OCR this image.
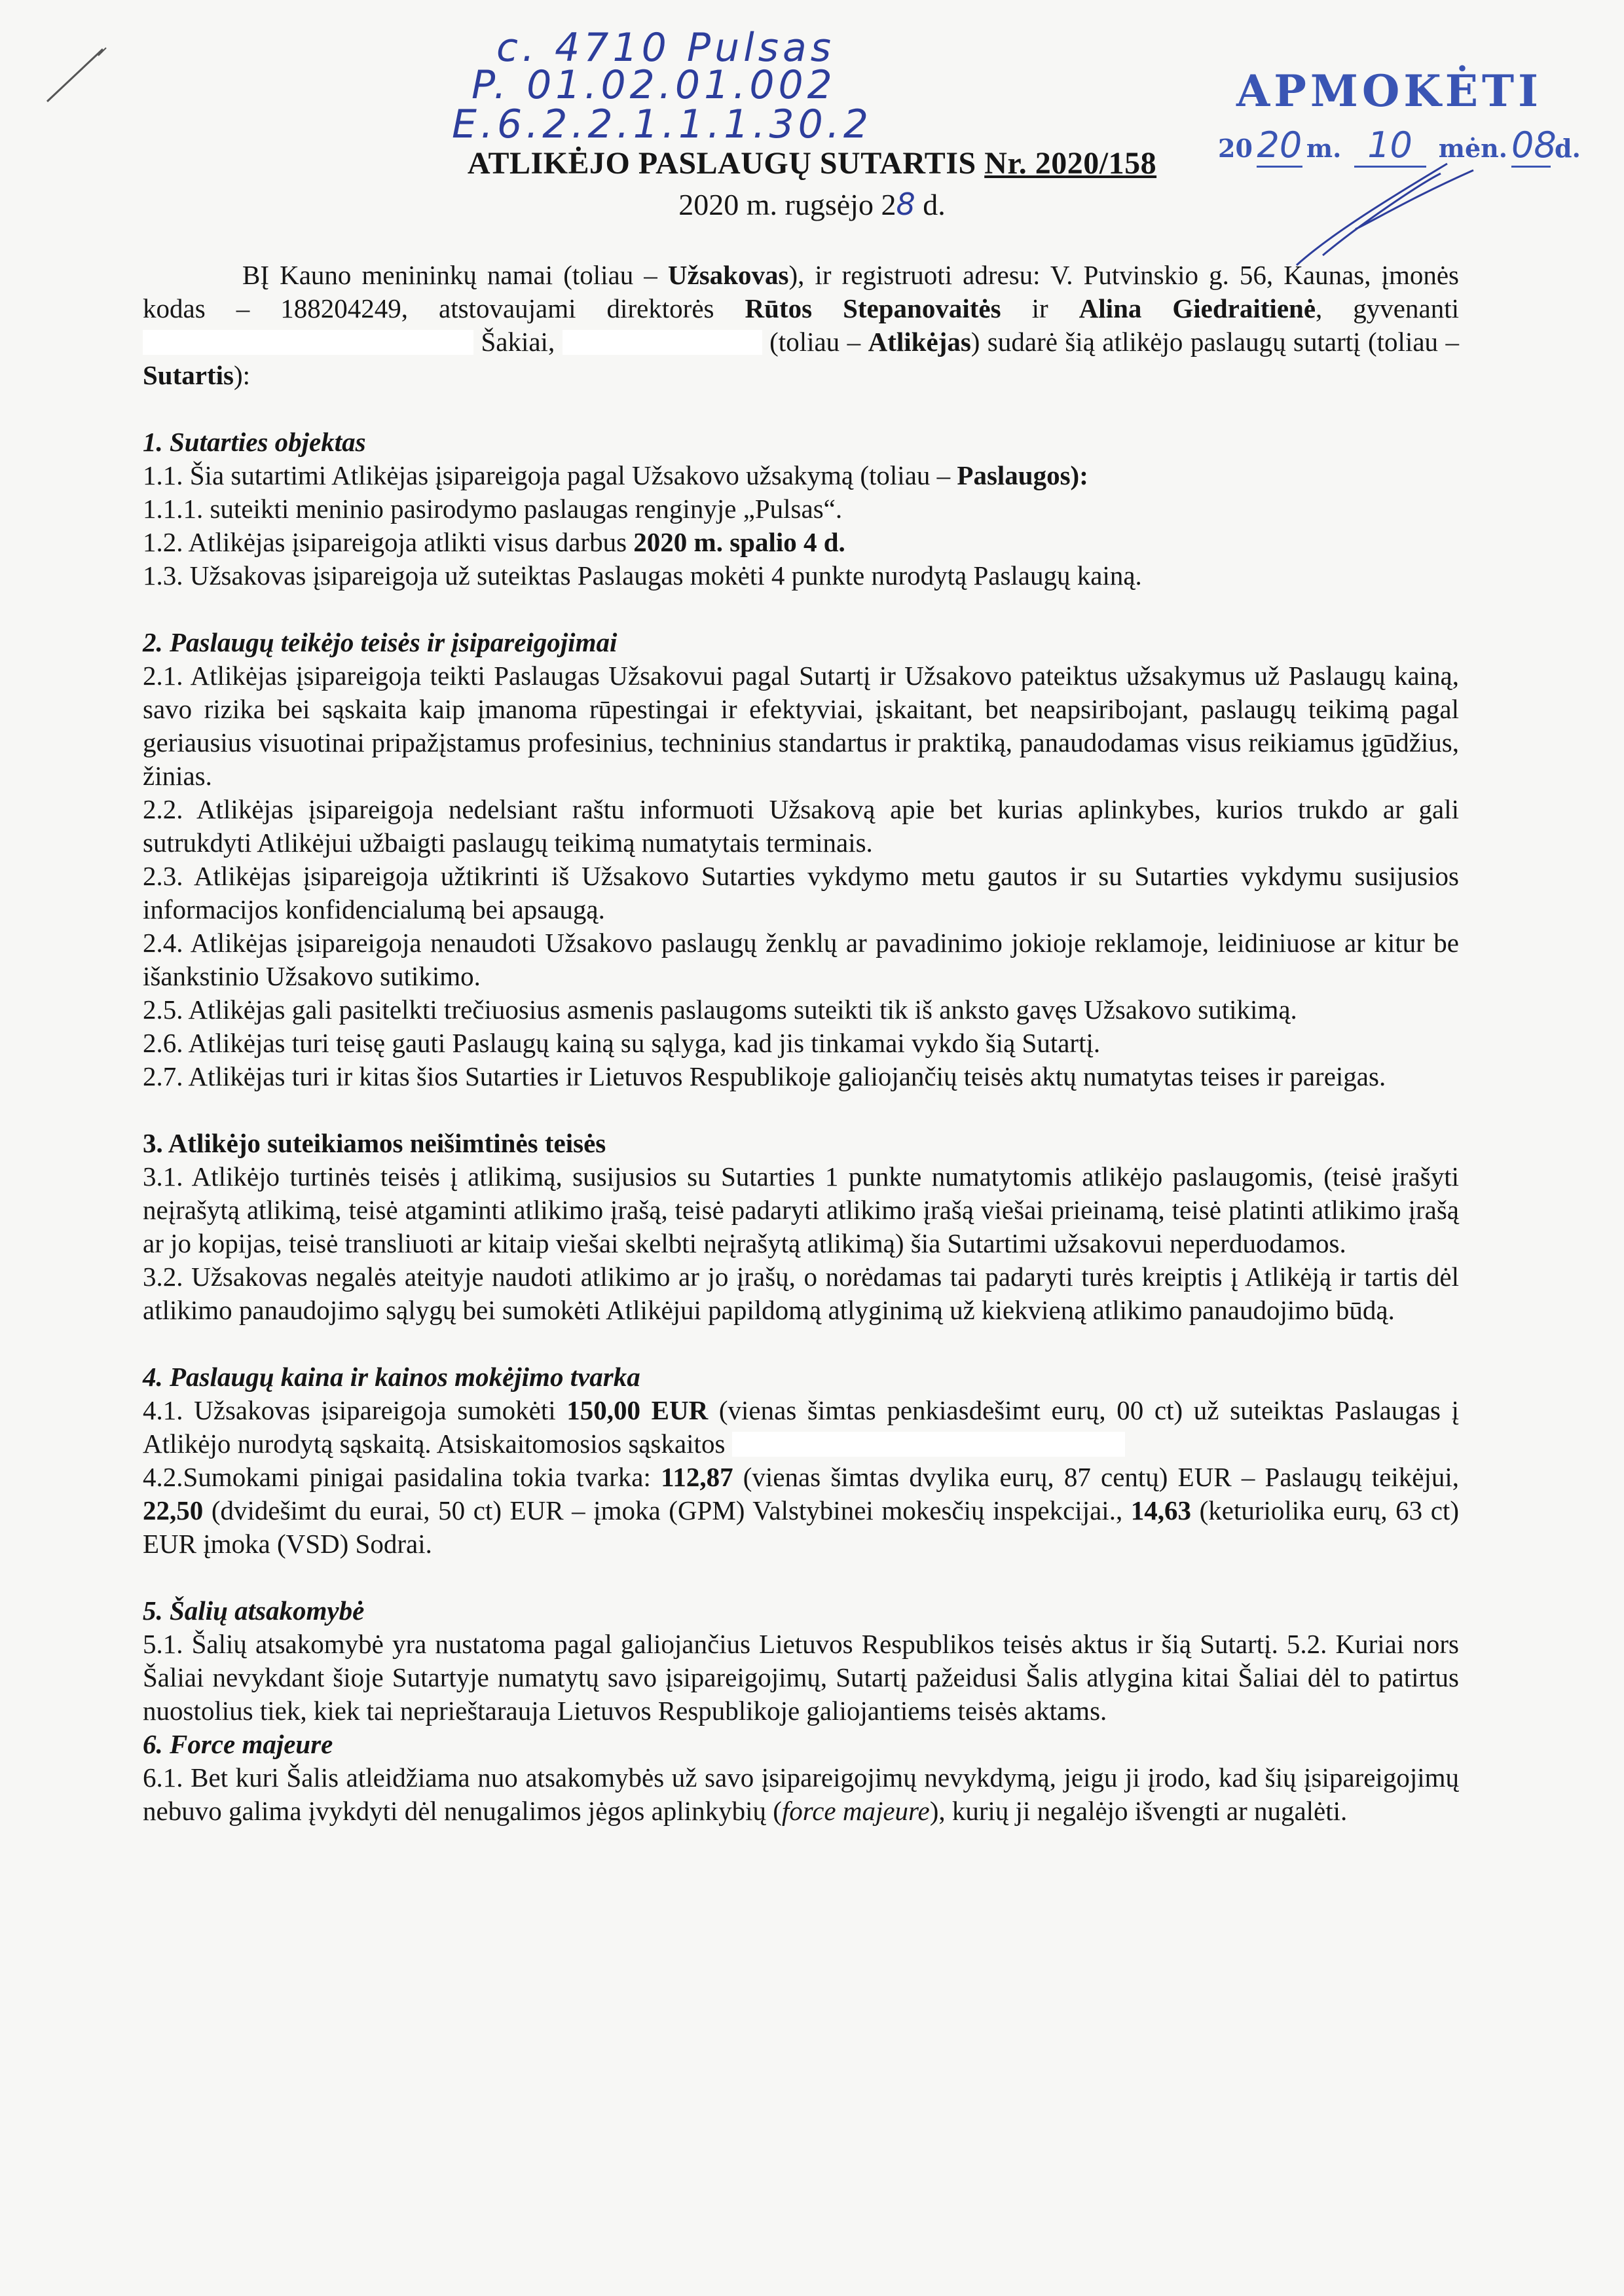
c. 4710 Pulsas
P. 01.02.01.002
E.6.2.2.1.1.1.30.2
APMOKĖTI
20 20 m. 10 mėn. 08d.
ATLIKĖJO PASLAUGŲ SUTARTIS Nr. 2020/158
2020 m. rugsėjo 28 d.

BĮ Kauno menininkų namai (toliau – Užsakovas), ir registruoti adresu: V. Putvinskio g. 56, Kaunas, įmonės kodas – 188204249, atstovaujami direktorės Rūtos Stepanovaitės ir Alina Giedraitienė, gyvenanti  Šakiai,	(toliau – Atlikėjas) sudarė šią atlikėjo paslaugų sutartį (toliau – Sutartis):

1. Sutarties objektas

1.1. Šia sutartimi Atlikėjas įsipareigoja pagal Užsakovo užsakymą (toliau – Paslaugos):

1.1.1. suteikti meninio pasirodymo paslaugas renginyje „Pulsas“.

1.2. Atlikėjas įsipareigoja atlikti visus darbus 2020 m. spalio 4 d.

1.3. Užsakovas įsipareigoja už suteiktas Paslaugas mokėti 4 punkte nurodytą Paslaugų kainą.

2. Paslaugų teikėjo teisės ir įsipareigojimai

2.1. Atlikėjas įsipareigoja teikti Paslaugas Užsakovui pagal Sutartį ir Užsakovo pateiktus užsakymus už Paslaugų kainą, savo rizika bei sąskaita kaip įmanoma rūpestingai ir efektyviai, įskaitant, bet neapsiribojant, paslaugų teikimą pagal geriausius visuotinai pripažįstamus profesinius, techninius standartus ir praktiką, panaudodamas visus reikiamus įgūdžius, žinias.

2.2. Atlikėjas įsipareigoja nedelsiant raštu informuoti Užsakovą apie bet kurias aplinkybes, kurios trukdo ar gali sutrukdyti Atlikėjui užbaigti paslaugų teikimą numatytais terminais.

2.3. Atlikėjas įsipareigoja užtikrinti iš Užsakovo Sutarties vykdymo metu gautos ir su Sutarties vykdymu susijusios informacijos konfidencialumą bei apsaugą.

2.4. Atlikėjas įsipareigoja nenaudoti Užsakovo paslaugų ženklų ar pavadinimo jokioje reklamoje, leidiniuose ar kitur be išankstinio Užsakovo sutikimo.

2.5. Atlikėjas gali pasitelkti trečiuosius asmenis paslaugoms suteikti tik iš anksto gavęs Užsakovo sutikimą.

2.6. Atlikėjas turi teisę gauti Paslaugų kainą su sąlyga, kad jis tinkamai vykdo šią Sutartį.

2.7. Atlikėjas turi ir kitas šios Sutarties ir Lietuvos Respublikoje galiojančių teisės aktų numatytas teises ir pareigas.

3. Atlikėjo suteikiamos neišimtinės teisės

3.1. Atlikėjo turtinės teisės į atlikimą, susijusios su Sutarties 1 punkte numatytomis atlikėjo paslaugomis, (teisė įrašyti neįrašytą atlikimą, teisė atgaminti atlikimo įrašą, teisė padaryti atlikimo įrašą viešai prieinamą, teisė platinti atlikimo įrašą ar jo kopijas, teisė transliuoti ar kitaip viešai skelbti neįrašytą atlikimą) šia Sutartimi užsakovui neperduodamos.

3.2. Užsakovas negalės ateityje naudoti atlikimo ar jo įrašų, o norėdamas tai padaryti turės kreiptis į Atlikėją ir tartis dėl atlikimo panaudojimo sąlygų bei sumokėti Atlikėjui papildomą atlyginimą už kiekvieną atlikimo panaudojimo būdą.

4. Paslaugų kaina ir kainos mokėjimo tvarka

4.1. Užsakovas įsipareigoja sumokėti 150,00 EUR (vienas šimtas penkiasdešimt eurų, 00 ct) už suteiktas Paslaugas į Atlikėjo nurodytą sąskaitą. Atsiskaitomosios sąskaitos

4.2.Sumokami pinigai pasidalina tokia tvarka: 112,87 (vienas šimtas dvylika eurų, 87 centų) EUR – Paslaugų teikėjui, 22,50 (dvidešimt du eurai, 50 ct) EUR – įmoka (GPM) Valstybinei mokesčių inspekcijai., 14,63 (keturiolika eurų, 63 ct) EUR įmoka (VSD) Sodrai.

5. Šalių atsakomybė

5.1. Šalių atsakomybė yra nustatoma pagal galiojančius Lietuvos Respublikos teisės aktus ir šią Sutartį. 5.2. Kuriai nors Šaliai nevykdant šioje Sutartyje numatytų savo įsipareigojimų, Sutartį pažeidusi Šalis atlygina kitai Šaliai dėl to patirtus nuostolius tiek, kiek tai neprieštarauja Lietuvos Respublikoje galiojantiems teisės aktams.

6. Force majeure

6.1. Bet kuri Šalis atleidžiama nuo atsakomybės už savo įsipareigojimų nevykdymą, jeigu ji įrodo, kad šių įsipareigojimų nebuvo galima įvykdyti dėl nenugalimos jėgos aplinkybių (force majeure), kurių ji negalėjo išvengti ar nugalėti.
